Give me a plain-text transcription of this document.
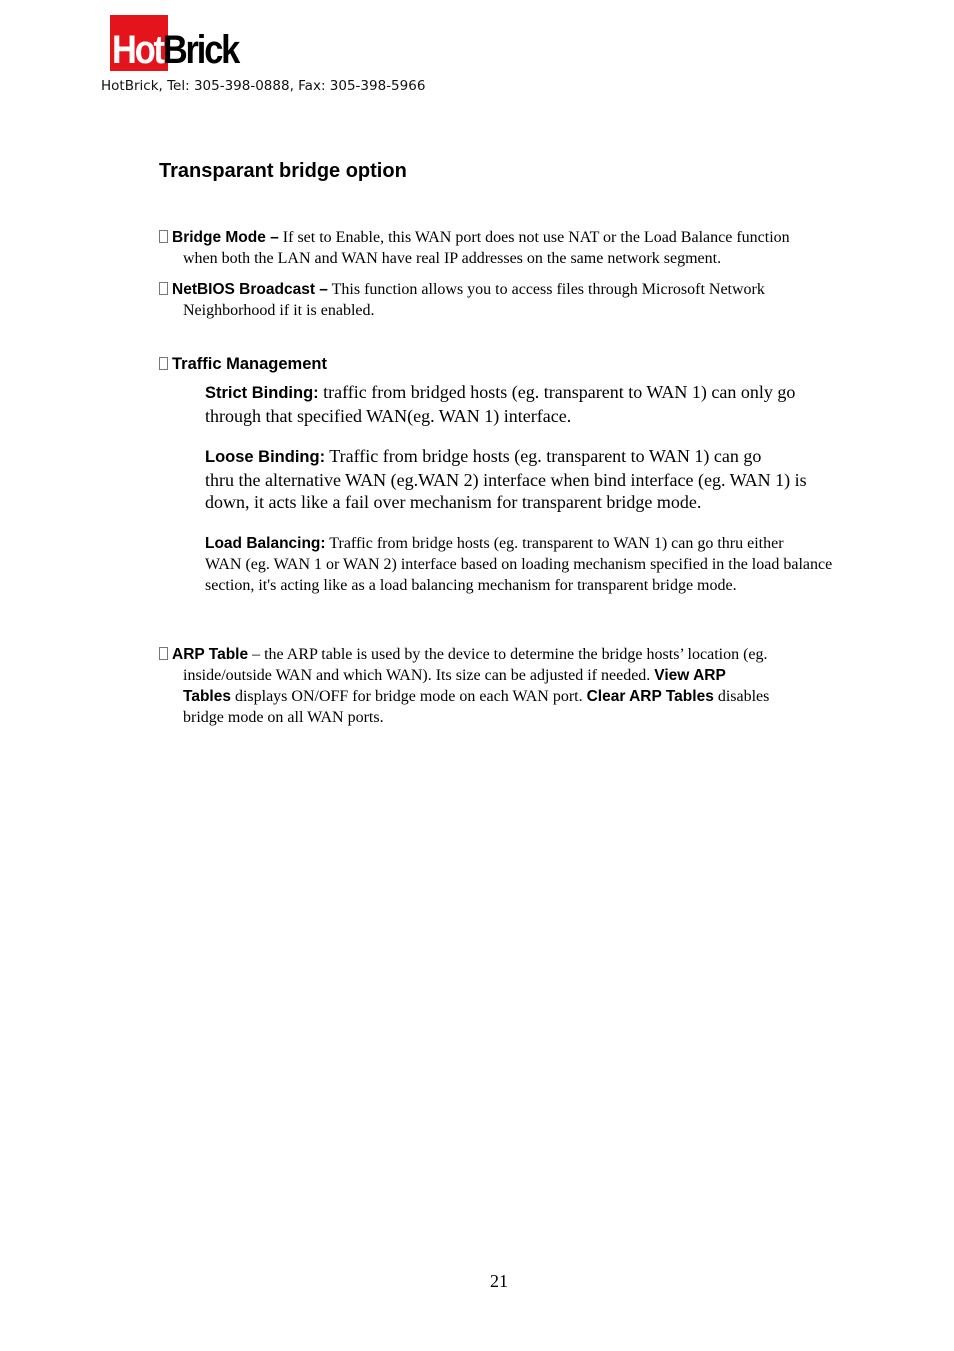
HotBrick
HotBrick, Tel: 305-398-0888, Fax: 305-398-5966
Transparant bridge option
Bridge Mode – If set to Enable, this WAN port does not use NAT or the Load Balance function
when both the LAN and WAN have real IP addresses on the same network segment.
NetBIOS Broadcast – This function allows you to access files through Microsoft Network
Neighborhood if it is enabled.
Traffic Management
Strict Binding: traffic from bridged hosts (eg. transparent to WAN 1) can only go
through that specified WAN(eg. WAN 1) interface.
Loose Binding: Traffic from bridge hosts (eg. transparent to WAN 1) can go
thru the alternative WAN (eg.WAN 2) interface when bind interface (eg. WAN 1) is
down, it acts like a fail over mechanism for transparent bridge mode.
Load Balancing: Traffic from bridge hosts (eg. transparent to WAN 1) can go thru either
WAN (eg. WAN 1 or WAN 2) interface based on loading mechanism specified in the load balance
section, it's acting like as a load balancing mechanism for transparent bridge mode.
ARP Table – the ARP table is used by the device to determine the bridge hosts’ location (eg.
inside/outside WAN and which WAN). Its size can be adjusted if needed. View ARP
Tables displays ON/OFF for bridge mode on each WAN port. Clear ARP Tables disables
bridge mode on all WAN ports.
21
